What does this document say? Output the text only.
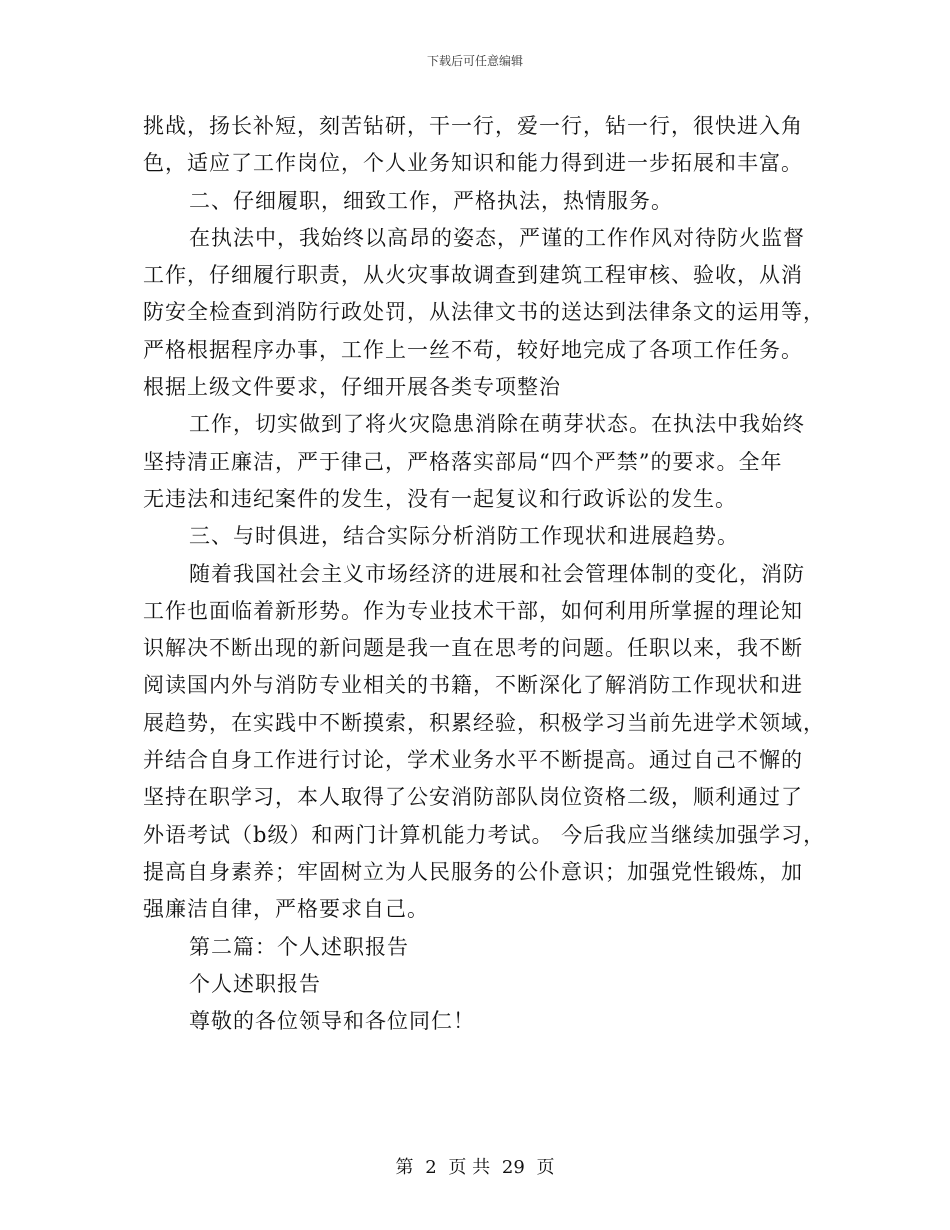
下载后可任意编辑
挑战，扬长补短，刻苦钻研，干一行，爱一行，钻一行，很快进入角
色，适应了工作岗位，个人业务知识和能力得到进一步拓展和丰富。
二、仔细履职，细致工作，严格执法，热情服务。
在执法中，我始终以高昂的姿态，严谨的工作作风对待防火监督
工作，仔细履行职责，从火灾事故调查到建筑工程审核、验收，从消
防安全检查到消防行政处罚，从法律文书的送达到法律条文的运用等，
严格根据程序办事，工作上一丝不苟，较好地完成了各项工作任务。
根据上级文件要求，仔细开展各类专项整治
工作，切实做到了将火灾隐患消除在萌芽状态。在执法中我始终
坚持清正廉洁，严于律己，严格落实部局“四个严禁”的要求。全年
无违法和违纪案件的发生，没有一起复议和行政诉讼的发生。
三、与时俱进，结合实际分析消防工作现状和进展趋势。
随着我国社会主义市场经济的进展和社会管理体制的变化，消防
工作也面临着新形势。作为专业技术干部，如何利用所掌握的理论知
识解决不断出现的新问题是我一直在思考的问题。任职以来，我不断
阅读国内外与消防专业相关的书籍，不断深化了解消防工作现状和进
展趋势，在实践中不断摸索，积累经验，积极学习当前先进学术领域，
并结合自身工作进行讨论，学术业务水平不断提高。通过自己不懈的
坚持在职学习，本人取得了公安消防部队岗位资格二级，顺利通过了
外语考试（b级）和两门计算机能力考试。 今后我应当继续加强学习，
提高自身素养；牢固树立为人民服务的公仆意识；加强党性锻炼，加
强廉洁自律，严格要求自己。
第二篇：个人述职报告
个人述职报告
尊敬的各位领导和各位同仁！
第 2 页 共 29 页
